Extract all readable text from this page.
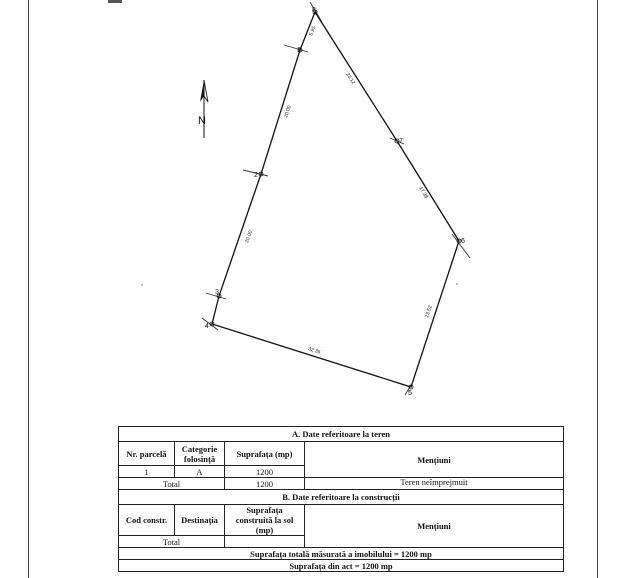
8
1
2
3
4
5
6
7
5.95
20.00
20.00
23.12
17.38
23.52
32.35
N
A. Date referitoare la teren			
Nr. parcelă	Categorie folosință	Suprafața (mp)	Mențiuni
1	A	1200	
Total		1200	Teren neîmprejmuit
B. Date referitoare la construcții			
Cod constr.	Destinația	Suprafața construită la sol (mp)	Mențiuni
Total			
Suprafața totală măsurată a imobilului = 1200 mp			
Suprafața din act = 1200 mp			
